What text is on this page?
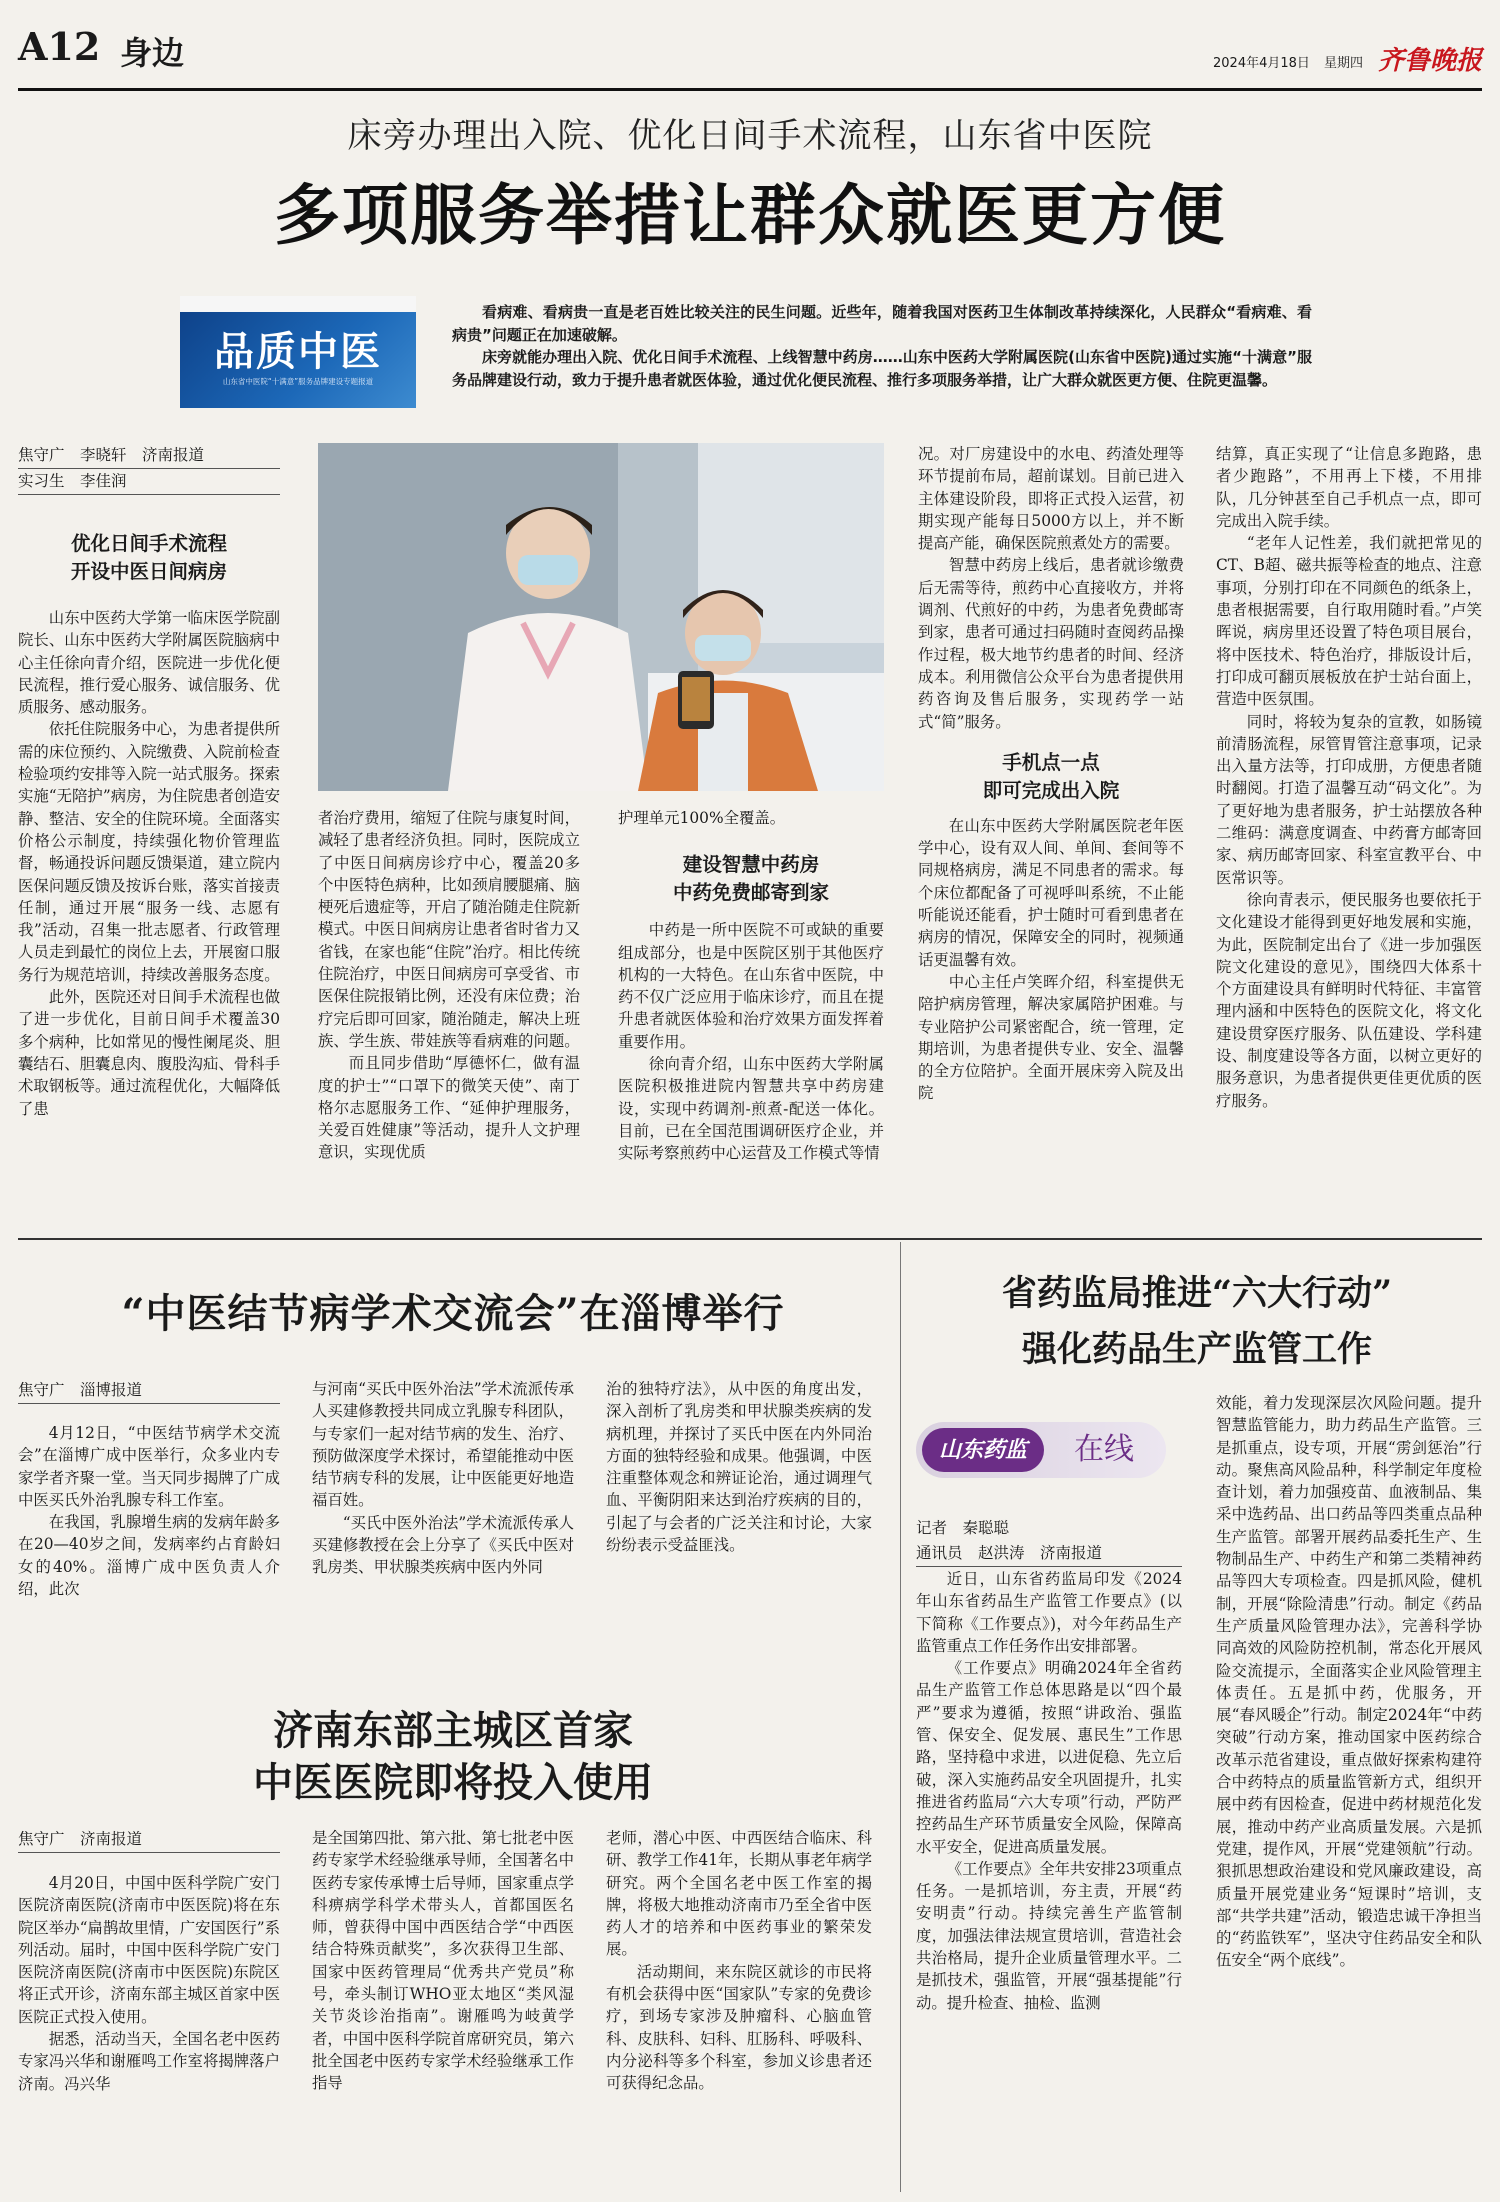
A12 身边	2024年4月18日 星期四 齐鲁晚报
床旁办理出入院、优化日间手术流程，山东省中医院
多项服务举措让群众就医更方便
品质中医
山东省中医院“十满意”服务品牌建设专题报道

看病难、看病贵一直是老百姓比较关注的民生问题。近些年，随着我国对医药卫生体制改革持续深化，人民群众“看病难、看病贵”问题正在加速破解。

床旁就能办理出入院、优化日间手术流程、上线智慧中药房……山东中医药大学附属医院(山东省中医院)通过实施“十满意”服务品牌建设行动，致力于提升患者就医体验，通过优化便民流程、推行多项服务举措，让广大群众就医更方便、住院更温馨。

焦守广　李晓轩　济南报道
实习生　李佳润
优化日间手术流程
开设中医日间病房

山东中医药大学第一临床医学院副院长、山东中医药大学附属医院脑病中心主任徐向青介绍，医院进一步优化便民流程，推行爱心服务、诚信服务、优质服务、感动服务。

依托住院服务中心，为患者提供所需的床位预约、入院缴费、入院前检查检验项约安排等入院一站式服务。探索实施“无陪护”病房，为住院患者创造安静、整洁、安全的住院环境。全面落实价格公示制度，持续强化物价管理监督，畅通投诉问题反馈渠道，建立院内医保问题反馈及按诉台账，落实首接责任制，通过开展“服务一线、志愿有我”活动，召集一批志愿者、行政管理人员走到最忙的岗位上去，开展窗口服务行为规范培训，持续改善服务态度。

此外，医院还对日间手术流程也做了进一步优化，目前日间手术覆盖30多个病种，比如常见的慢性阑尾炎、胆囊结石、胆囊息肉、腹股沟疝、骨科手术取钢板等。通过流程优化，大幅降低了患

者治疗费用，缩短了住院与康复时间，减轻了患者经济负担。同时，医院成立了中医日间病房诊疗中心，覆盖20多个中医特色病种，比如颈肩腰腿痛、脑梗死后遗症等，开启了随治随走住院新模式。中医日间病房让患者省时省力又省钱，在家也能“住院”治疗。相比传统住院治疗，中医日间病房可享受省、市医保住院报销比例，还没有床位费；治疗完后即可回家，随治随走，解决上班族、学生族、带娃族等看病难的问题。

而且同步借助“厚德怀仁，做有温度的护士”“口罩下的微笑天使”、南丁格尔志愿服务工作、“延伸护理服务，关爱百姓健康”等活动，提升人文护理意识，实现优质

护理单元100%全覆盖。

建设智慧中药房
中药免费邮寄到家

中药是一所中医院不可或缺的重要组成部分，也是中医院区别于其他医疗机构的一大特色。在山东省中医院，中药不仅广泛应用于临床诊疗，而且在提升患者就医体验和治疗效果方面发挥着重要作用。

徐向青介绍，山东中医药大学附属医院积极推进院内智慧共享中药房建设，实现中药调剂-煎煮-配送一体化。目前，已在全国范围调研医疗企业，并实际考察煎药中心运营及工作模式等情

况。对厂房建设中的水电、药渣处理等环节提前布局，超前谋划。目前已进入主体建设阶段，即将正式投入运营，初期实现产能每日5000方以上，并不断提高产能，确保医院煎煮处方的需要。

智慧中药房上线后，患者就诊缴费后无需等待，煎药中心直接收方，并将调剂、代煎好的中药，为患者免费邮寄到家，患者可通过扫码随时查阅药品操作过程，极大地节约患者的时间、经济成本。利用微信公众平台为患者提供用药咨询及售后服务，实现药学一站式“简”服务。

手机点一点
即可完成出入院

在山东中医药大学附属医院老年医学中心，设有双人间、单间、套间等不同规格病房，满足不同患者的需求。每个床位都配备了可视呼叫系统，不止能听能说还能看，护士随时可看到患者在病房的情况，保障安全的同时，视频通话更温馨有效。

中心主任卢笑晖介绍，科室提供无陪护病房管理，解决家属陪护困难。与专业陪护公司紧密配合，统一管理，定期培训，为患者提供专业、安全、温馨的全方位陪护。全面开展床旁入院及出院

结算，真正实现了“让信息多跑路，患者少跑路”，不用再上下楼，不用排队，几分钟甚至自己手机点一点，即可完成出入院手续。

“老年人记性差，我们就把常见的CT、B超、磁共振等检查的地点、注意事项，分别打印在不同颜色的纸条上，患者根据需要，自行取用随时看。”卢笑晖说，病房里还设置了特色项目展台，将中医技术、特色治疗，排版设计后，打印成可翻页展板放在护士站台面上，营造中医氛围。

同时，将较为复杂的宣教，如肠镜前清肠流程，尿管胃管注意事项，记录出入量方法等，打印成册，方便患者随时翻阅。打造了温馨互动“码文化”。为了更好地为患者服务，护士站摆放各种二维码：满意度调查、中药膏方邮寄回家、病历邮寄回家、科室宣教平台、中医常识等。

徐向青表示，便民服务也要依托于文化建设才能得到更好地发展和实施，为此，医院制定出台了《进一步加强医院文化建设的意见》，围绕四大体系十个方面建设具有鲜明时代特征、丰富管理内涵和中医特色的医院文化，将文化建设贯穿医疗服务、队伍建设、学科建设、制度建设等各方面，以树立更好的服务意识，为患者提供更佳更优质的医疗服务。

“中医结节病学术交流会”在淄博举行
焦守广　淄博报道

4月12日，“中医结节病学术交流会”在淄博广成中医举行，众多业内专家学者齐聚一堂。当天同步揭牌了广成中医买氏外治乳腺专科工作室。

在我国，乳腺增生病的发病年龄多在20—40岁之间，发病率约占育龄妇女的40%。淄博广成中医负责人介绍，此次

与河南“买氏中医外治法”学术流派传承人买建修教授共同成立乳腺专科团队，与专家们一起对结节病的发生、治疗、预防做深度学术探讨，希望能推动中医结节病专科的发展，让中医能更好地造福百姓。

“买氏中医外治法”学术流派传承人买建修教授在会上分享了《买氏中医对乳房类、甲状腺类疾病中医内外同

治的独特疗法》，从中医的角度出发，深入剖析了乳房类和甲状腺类疾病的发病机理，并探讨了买氏中医在内外同治方面的独特经验和成果。他强调，中医注重整体观念和辨证论治，通过调理气血、平衡阴阳来达到治疗疾病的目的，引起了与会者的广泛关注和讨论，大家纷纷表示受益匪浅。

济南东部主城区首家
中医医院即将投入使用
焦守广　济南报道

4月20日，中国中医科学院广安门医院济南医院(济南市中医医院)将在东院区举办“扁鹊故里情，广安国医行”系列活动。届时，中国中医科学院广安门医院济南医院(济南市中医医院)东院区将正式开诊，济南东部主城区首家中医医院正式投入使用。

据悉，活动当天，全国名老中医药专家冯兴华和谢雁鸣工作室将揭牌落户济南。冯兴华

是全国第四批、第六批、第七批老中医药专家学术经验继承导师，全国著名中医药专家传承博士后导师，国家重点学科痹病学科学术带头人，首都国医名师，曾获得中国中西医结合学“中西医结合特殊贡献奖”，多次获得卫生部、国家中医药管理局“优秀共产党员”称号，牵头制订WHO亚太地区“类风湿关节炎诊治指南”。谢雁鸣为岐黄学者，中国中医科学院首席研究员，第六批全国老中医药专家学术经验继承工作指导

老师，潜心中医、中西医结合临床、科研、教学工作41年，长期从事老年病学研究。两个全国名老中医工作室的揭牌，将极大地推动济南市乃至全省中医药人才的培养和中医药事业的繁荣发展。

活动期间，来东院区就诊的市民将有机会获得中医“国家队”专家的免费诊疗，到场专家涉及肿瘤科、心脑血管科、皮肤科、妇科、肛肠科、呼吸科、内分泌科等多个科室，参加义诊患者还可获得纪念品。

省药监局推进“六大行动”
强化药品生产监管工作
山东药监	在线
记者　秦聪聪
通讯员　赵洪涛　济南报道

近日，山东省药监局印发《2024年山东省药品生产监管工作要点》(以下简称《工作要点》)，对今年药品生产监管重点工作任务作出安排部署。

《工作要点》明确2024年全省药品生产监管工作总体思路是以“四个最严”要求为遵循，按照“讲政治、强监管、保安全、促发展、惠民生”工作思路，坚持稳中求进，以进促稳、先立后破，深入实施药品安全巩固提升，扎实推进省药监局“六大专项”行动，严防严控药品生产环节质量安全风险，保障高水平安全，促进高质量发展。

《工作要点》全年共安排23项重点任务。一是抓培训，夯主责，开展“药安明责”行动。持续完善生产监管制度，加强法律法规宣贯培训，营造社会共治格局，提升企业质量管理水平。二是抓技术，强监管，开展“强基提能”行动。提升检查、抽检、监测

效能，着力发现深层次风险问题。提升智慧监管能力，助力药品生产监管。三是抓重点，设专项，开展“雳剑惩治”行动。聚焦高风险品种，科学制定年度检查计划，着力加强疫苗、血液制品、集采中选药品、出口药品等四类重点品种生产监管。部署开展药品委托生产、生物制品生产、中药生产和第二类精神药品等四大专项检查。四是抓风险，健机制，开展“除险清患”行动。制定《药品生产质量风险管理办法》，完善科学协同高效的风险防控机制，常态化开展风险交流提示，全面落实企业风险管理主体责任。五是抓中药，优服务，开展“春风暖企”行动。制定2024年“中药突破”行动方案，推动国家中医药综合改革示范省建设，重点做好探索构建符合中药特点的质量监管新方式，组织开展中药有因检查，促进中药材规范化发展，推动中药产业高质量发展。六是抓党建，提作风，开展“党建领航”行动。狠抓思想政治建设和党风廉政建设，高质量开展党建业务“短课时”培训，支部“共学共建”活动，锻造忠诚干净担当的“药监铁军”，坚决守住药品安全和队伍安全“两个底线”。
